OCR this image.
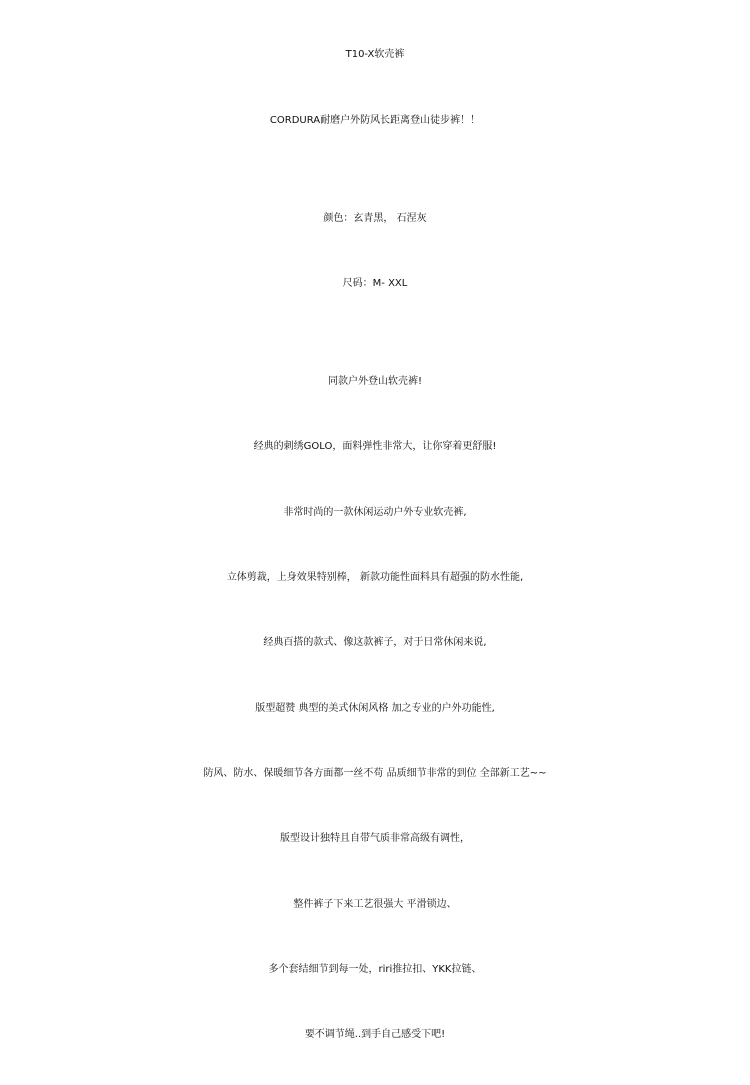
T10-X软壳裤
CORDURA耐磨户外防风长距离登山徒步裤！！
颜色：玄青黑， 石涅灰
尺码：M- XXL
同款户外登山软壳裤!
经典的刺绣GOLO，面料弹性非常大，让你穿着更舒服!
非常时尚的一款休闲运动户外专业软壳裤,
立体剪裁，上身效果特别棒， 新款功能性面料具有超强的防水性能,
经典百搭的款式、像这款裤子，对于日常休闲来说,
版型超赞 典型的美式休闲风格 加之专业的户外功能性,
防风、防水、保暖细节各方面都一丝不苟 品质细节非常的到位 全部新工艺~~
版型设计独特且自带气质非常高级有调性，
整件裤子下来工艺很强大 平滑锁边、
多个套结细节到每一处，riri推拉扣、YKK拉链、
要不调节绳..到手自己感受下吧!
